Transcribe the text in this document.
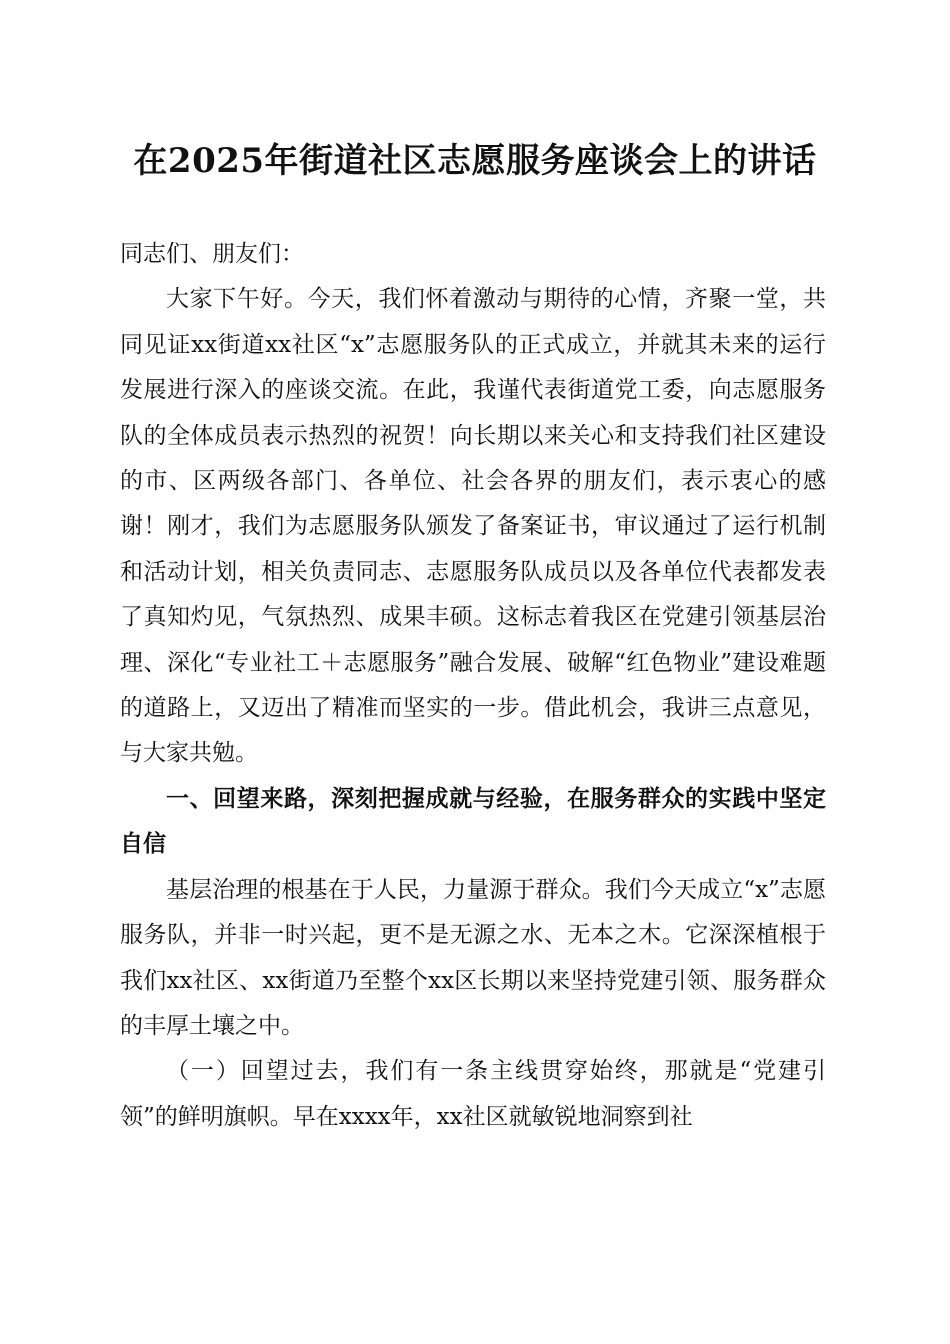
在2025年街道社区志愿服务座谈会上的讲话

同志们、朋友们：

大家下午好。今天，我们怀着激动与期待的心情，齐聚一堂，共同见证xx街道xx社区“x”志愿服务队的正式成立，并就其未来的运行发展进行深入的座谈交流。在此，我谨代表街道党工委，向志愿服务队的全体成员表示热烈的祝贺！向长期以来关心和支持我们社区建设的市、区两级各部门、各单位、社会各界的朋友们，表示衷心的感谢！刚才，我们为志愿服务队颁发了备案证书，审议通过了运行机制和活动计划，相关负责同志、志愿服务队成员以及各单位代表都发表了真知灼见，气氛热烈、成果丰硕。这标志着我区在党建引领基层治理、深化“专业社工＋志愿服务”融合发展、破解“红色物业”建设难题的道路上，又迈出了精准而坚实的一步。借此机会，我讲三点意见，与大家共勉。

一、回望来路，深刻把握成就与经验，在服务群众的实践中坚定自信

基层治理的根基在于人民，力量源于群众。我们今天成立“x”志愿服务队，并非一时兴起，更不是无源之水、无本之木。它深深植根于我们xx社区、xx街道乃至整个xx区长期以来坚持党建引领、服务群众的丰厚土壤之中。

（一）回望过去，我们有一条主线贯穿始终，那就是“党建引领”的鲜明旗帜。早在xxxx年，xx社区就敏锐地洞察到社
